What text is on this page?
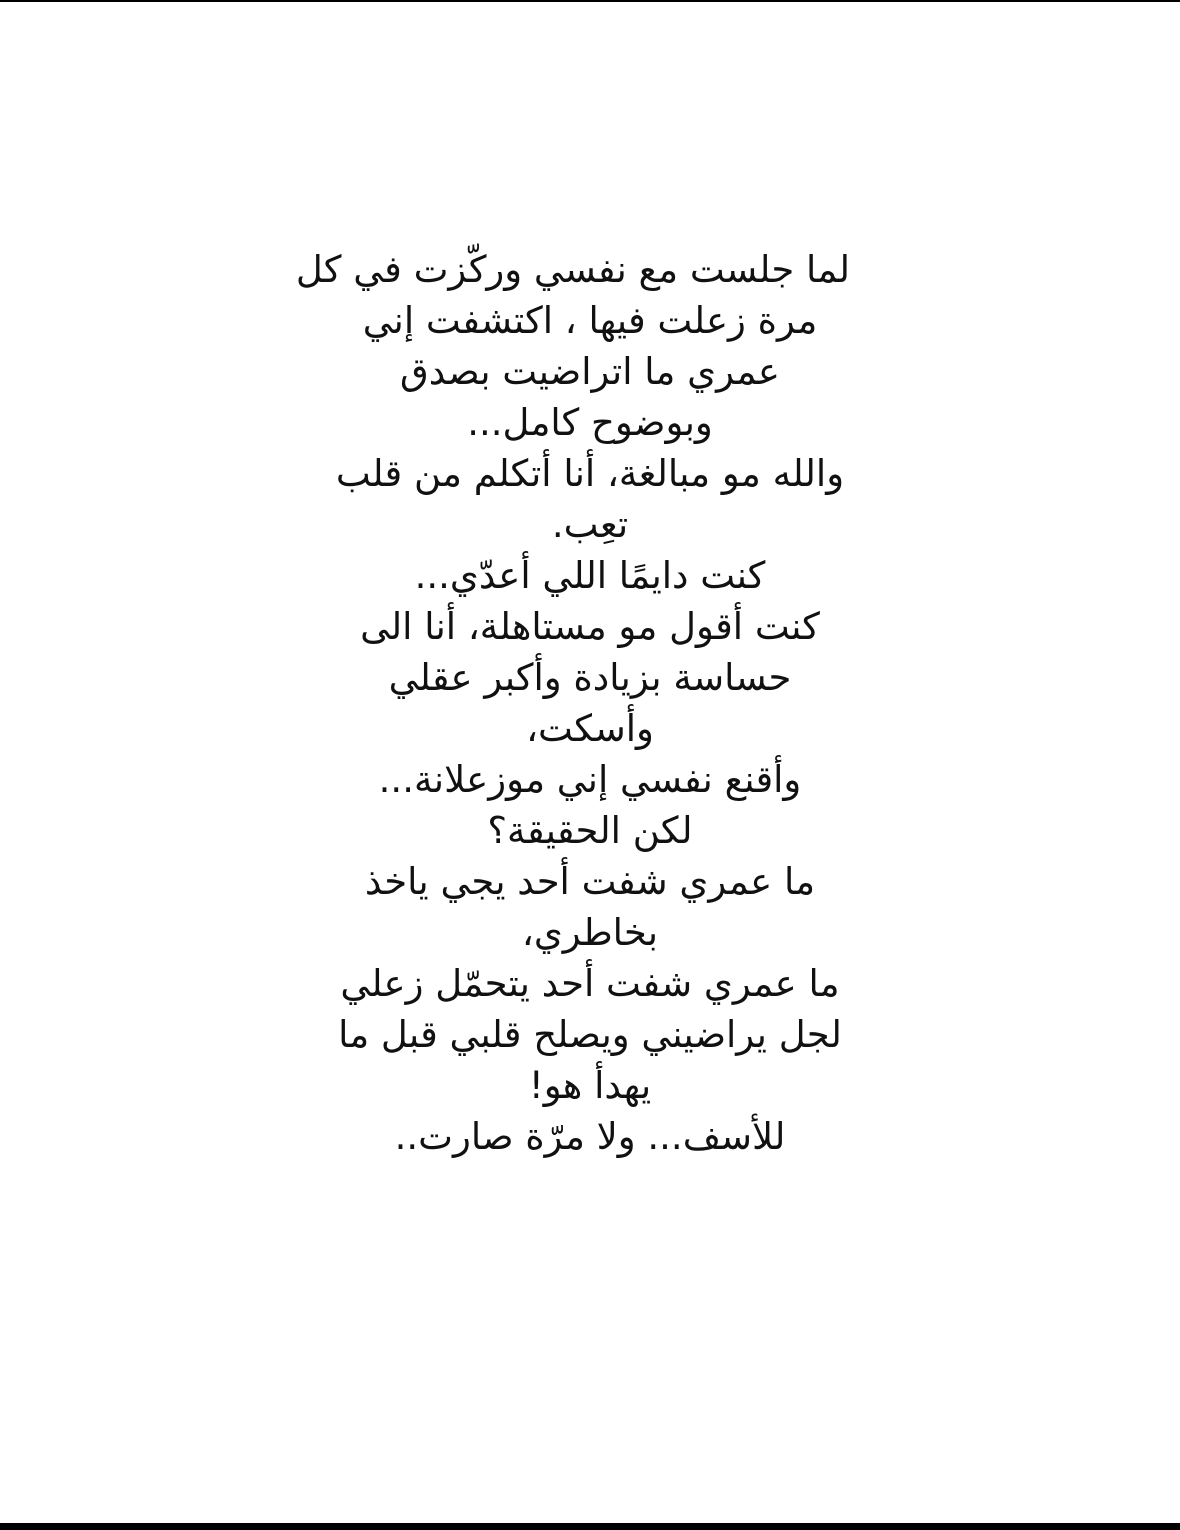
لما جلست مع نفسي وركّزت في كل
مرة زعلت فيها ، اكتشفت إني
عمري ما اتراضيت بصدق
وبوضوح كامل...
والله مو مبالغة، أنا أتكلم من قلب
تعِب.
كنت دايمًا اللي أعدّي...
كنت أقول مو مستاهلة، أنا الى
حساسة بزيادة وأكبر عقلي
وأسكت،
وأقنع نفسي إني موزعلانة...
لكن الحقيقة؟
ما عمري شفت أحد يجي ياخذ
بخاطري،
ما عمري شفت أحد يتحمّل زعلي
لجل يراضيني ويصلح قلبي قبل ما
يهدأ هو!
للأسف... ولا مرّة صارت..
